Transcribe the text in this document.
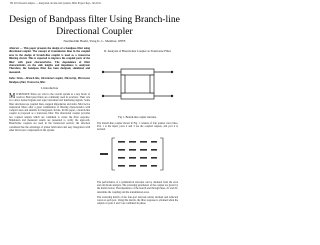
ISI 2011 Kuala Lumpur — Integrated circuits and systems, Mini Project Rep., Jun 2011
Design of Bandpass filter Using Branch-line Directional Coupler
Nazmuddin Bashi, Yang K. L. Member, IEEE
Abstract — This paper presents the design of a bandpass filter using directional coupler. The concept of transmission lines in the coupled area in the design of branch-line coupler is used as a transverse filtering circuit. This is expected to improve the coupled ports of the filter with good characteristics. The dependence of filter characteristics on the stub lengths and impedance is analyzed. Therefore, the bandpass filter has been designed, simulated and measured.
Index Terms—Branch-line, Directional coupler, Microstrip, Microwave Bandpass filter, Transverse filter.
I. Introduction
MICROWAVE filters are vital to the overall system as a key block of receiver. Band pass filters are commonly used in receivers. Their role is to allow desired signals and reject unwanted and interfering signals. Some filter structures use coupled lines, stepped impedances and stubs. Microwave transversal filters offer a great combination of filtering characteristics with compact sizes and suitable for integrated circuits. In this paper, a branch-line coupler is proposed as a transverse filter. The directional coupler provides two coupled outputs which are combined to create the filter response. Simulation and measured results are presented to verify the approach. Branch-line couplers are used in the transversal section; the structure considered has the advantage of planar fabrication and easy integration with other microwave components in the system.
II. Analysis of Branch-line Coupler as Transverse Filter
Fig. 1. Branch-line coupler structure.
The branch-line coupler shown in Fig. 1 consists of four quarter wave lines. Port 1 is the input; ports 2 and 3 are the coupled outputs, and port 4 is isolated.
The performance of a symmetrical structure can be obtained from the even and odd mode analysis. The scattering parameters of the coupler are given by the matrix below. The impedance of the branch and through lines, Z1 and Z2, determine the coupling and the transmission zeros.
The scattering matrix of the four-port network relates incident and reflected waves at each port. Using this matrix, the filter response is obtained when the outputs of ports 2 and 3 are combined in phase.
